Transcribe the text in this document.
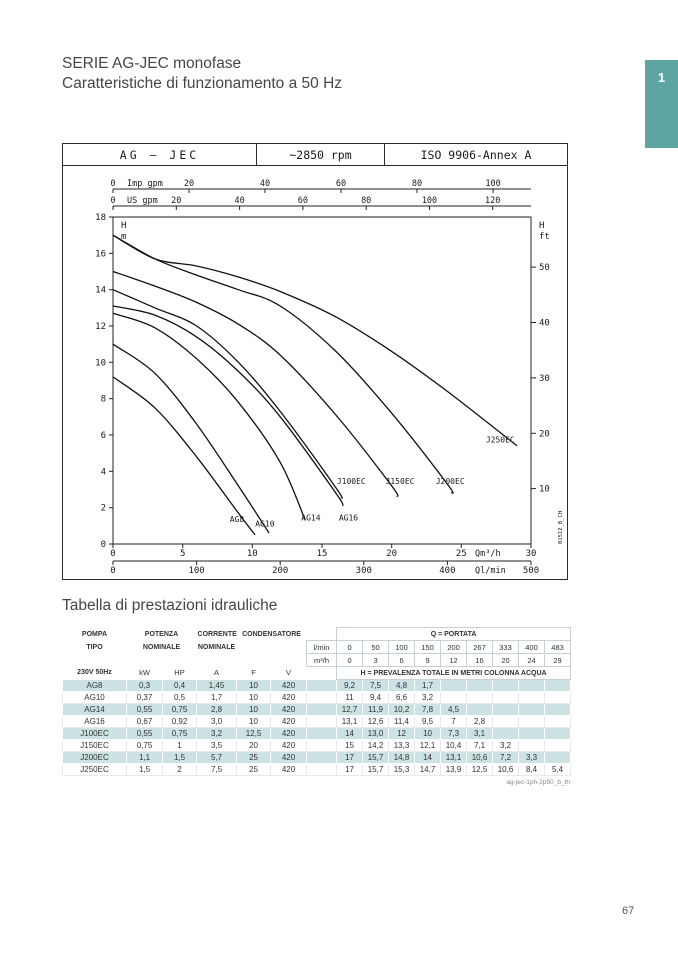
SERIE AG-JEC monofase
Caratteristiche di funzionamento a 50 Hz	1
AG – JEC	~2850 rpm	ISO 9906-Annex A
0
2
4
6
8
10
12
14
16
18
H
m
10
20
30
40
50
H
ft
0	20	40	60	80	100
Imp gpm
0	20	40	60	80	100	120
US gpm
0	5	10	15	20	25	30
Qm³/h
0	100	200	300	400	500
Ql/min
01512_B_CH
AG8 AG10
AG14 AG16
J100EC J150EC	J200EC
J250EC
Tabella di prestazioni idrauliche
POMPA	POTENZA		CORRENTE	CONDENSATORE			Q = PORTATA								
TIPO	NOMINALE		NOMINALE			l/min	0	50	100	150	200	267	333	400	483
						m³/h	0	3	6	9	12	16	20	24	29
230V 50Hz	kW	HP	A	F	V		H = PREVALENZA TOTALE IN METRI COLONNA ACQUA								
AG8	0,3	0,4	1,45	10	420		9,2	7,5	4,8	1,7					
AG10	0,37	0,5	1,7	10	420		11	9,4	6,6	3,2					
AG14	0,55	0,75	2,8	10	420		12,7	11,9	10,2	7,8	4,5				
AG16	0,67	0,92	3,0	10	420		13,1	12,6	11,4	9,5	7	2,8			
J100EC	0,55	0,75	3,2	12,5	420		14	13,0	12	10	7,3	3,1			
J150EC	0,75	1	3,5	20	420		15	14,2	13,3	12,1	10,4	7,1	3,2		
J200EC	1,1	1,5	5,7	25	420		17	15,7	14,8	14	13,1	10,6	7,2	3,3	
J250EC	1,5	2	7,5	25	420		17	15,7	15,3	14,7	13,9	12,5	10,6	8,4	5,4
ag-jec-1ph-2p50_b_th
67
